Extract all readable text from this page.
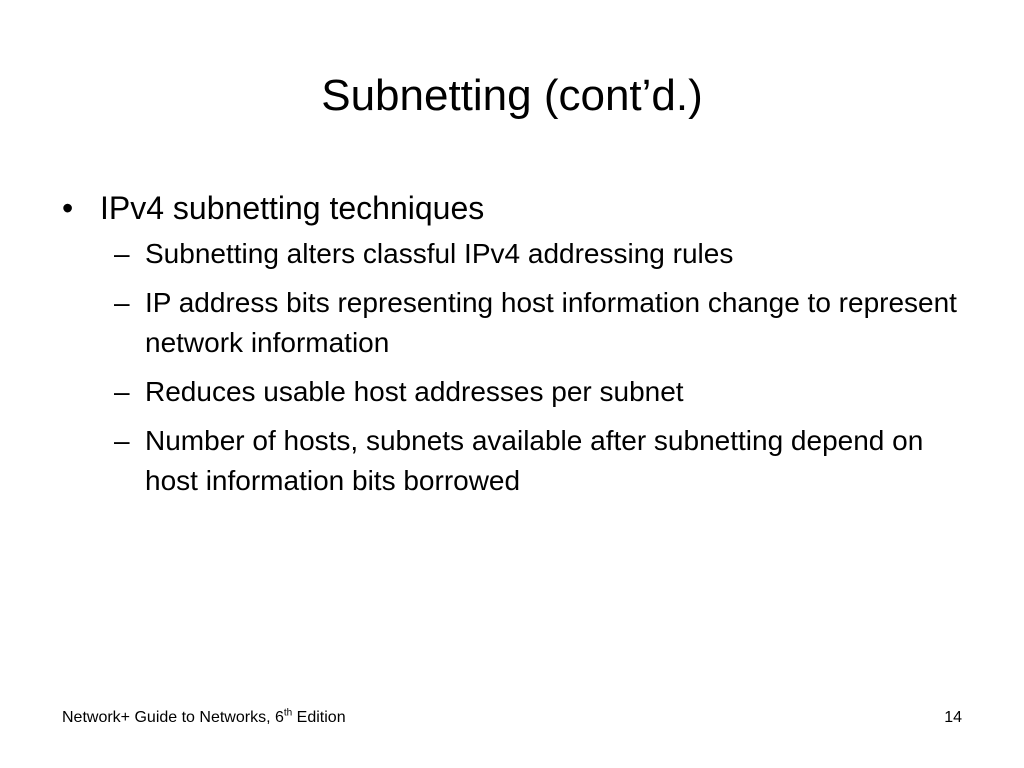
Subnetting (cont’d.)
• IPv4 subnetting techniques
– Subnetting alters classful IPv4 addressing rules
– IP address bits representing host information change to represent network information
– Reduces usable host addresses per subnet
– Number of hosts, subnets available after subnetting depend on host information bits borrowed
Network+ Guide to Networks, 6th Edition	14
